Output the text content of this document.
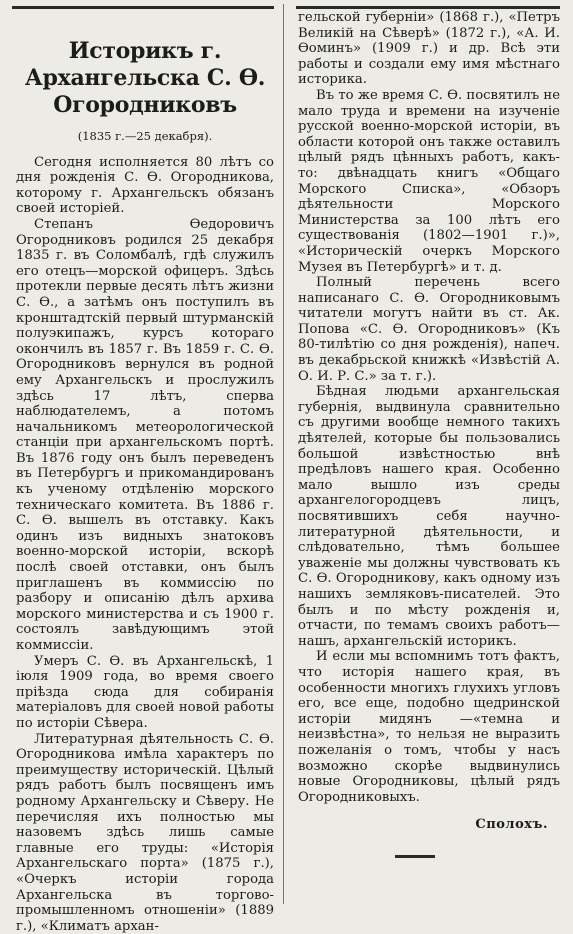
Историкъ г. Архангельска С. Ө. Огородниковъ
(1835 г.—25 декабря).

Сегодня исполняется 80 лѣтъ со дня рожденія С. Ө. Огородникова, которому г. Архангельскъ обязанъ своей исторіей.

Степанъ Өедоровичъ Огородниковъ родился 25 декабря 1835 г. въ Соломбалѣ, гдѣ служилъ его отецъ—морской офицеръ. Здѣсь протекли первые десять лѣтъ жизни С. Ө., а затѣмъ онъ поступилъ въ кронштадтскій первый штурманскій полуэкипажъ, курсъ котораго окончилъ въ 1857 г. Въ 1859 г. С. Ө. Огородниковъ вернулся въ родной ему Архангельскъ и прослужилъ здѣсь 17 лѣтъ, сперва наблюдателемъ, а потомъ начальникомъ метеорологической станціи при архангельскомъ портѣ. Въ 1876 году онъ былъ переведенъ въ Петербургъ и прикомандированъ къ ученому отдѣленію морского техническаго комитета. Въ 1886 г. С. Ө. вышелъ въ отставку. Какъ одинъ изъ видныхъ знатоковъ военно-морской исторіи, вскорѣ послѣ своей отставки, онъ былъ приглашенъ въ коммиссію по разбору и описанію дѣлъ архива морского министерства и съ 1900 г. состоялъ завѣдующимъ этой коммиссіи.

Умеръ С. Ө. въ Архангельскѣ, 1 іюля 1909 года, во время своего пріѣзда сюда для собиранія матеріаловъ для своей новой работы по исторіи Сѣвера.

Литературная дѣятельность С. Ө. Огородникова имѣла характеръ по преимуществу историческій. Цѣлый рядъ работъ былъ посвященъ имъ родному Архангельску и Сѣверу. Не перечисляя ихъ полностью мы назовемъ здѣсь лишь самые главные его труды: «Исторія Архангельскаго порта» (1875 г.), «Очеркъ исторіи города Архангельска въ торгово-промышленномъ отношеніи» (1889 г.), «Климатъ архан-

гельской губерніи» (1868 г.), «Петръ Великій на Сѣверѣ» (1872 г.), «А. И. Өоминъ» (1909 г.) и др. Всѣ эти работы и создали ему имя мѣстнаго историка.

Въ то же время С. Ө. посвятилъ не мало труда и времени на изученіе русской военно-морской исторіи, въ области которой онъ также оставилъ цѣлый рядъ цѣнныхъ работъ, какъ-то: двѣнадцать книгъ «Общаго Морского Списка», «Обзоръ дѣятельности Морского Министерства за 100 лѣтъ его существованія (1802—1901 г.)», «Историческій очеркъ Морского Музея въ Петербургѣ» и т. д.

Полный перечень всего написанаго С. Ө. Огородниковымъ читатели могутъ найти въ ст. Ак. Попова «С. Ө. Огородниковъ» (Къ 80-тилѣтію со дня рожденія), напеч. въ декабрьской книжкѣ «Извѣстій А. О. И. Р. С.» за т. г.).

Бѣдная людьми архангельская губернія, выдвинула сравнительно съ другими вообще немного такихъ дѣятелей, которые бы пользовались большой извѣстностью внѣ предѣловъ нашего края. Особенно мало вышло изъ среды архангелогородцевъ лицъ, посвятившихъ себя научно-литературной дѣятельности, и слѣдовательно, тѣмъ большее уваженіе мы должны чувствовать къ С. Ө. Огородникову, какъ одному изъ нашихъ земляковъ-писателей. Это былъ и по мѣсту рожденія и, отчасти, по темамъ своихъ работъ—нашъ, архангельскій историкъ.

И если мы вспомнимъ тотъ фактъ, что исторія нашего края, въ особенности многихъ глухихъ угловъ его, все еще, подобно щедринской исторіи мидянъ —«темна и неизвѣстна», то нельзя не выразить пожеланія о томъ, чтобы у насъ возможно скорѣе выдвинулись новые Огородниковы, цѣлый рядъ Огородниковыхъ.

Сполохъ.
